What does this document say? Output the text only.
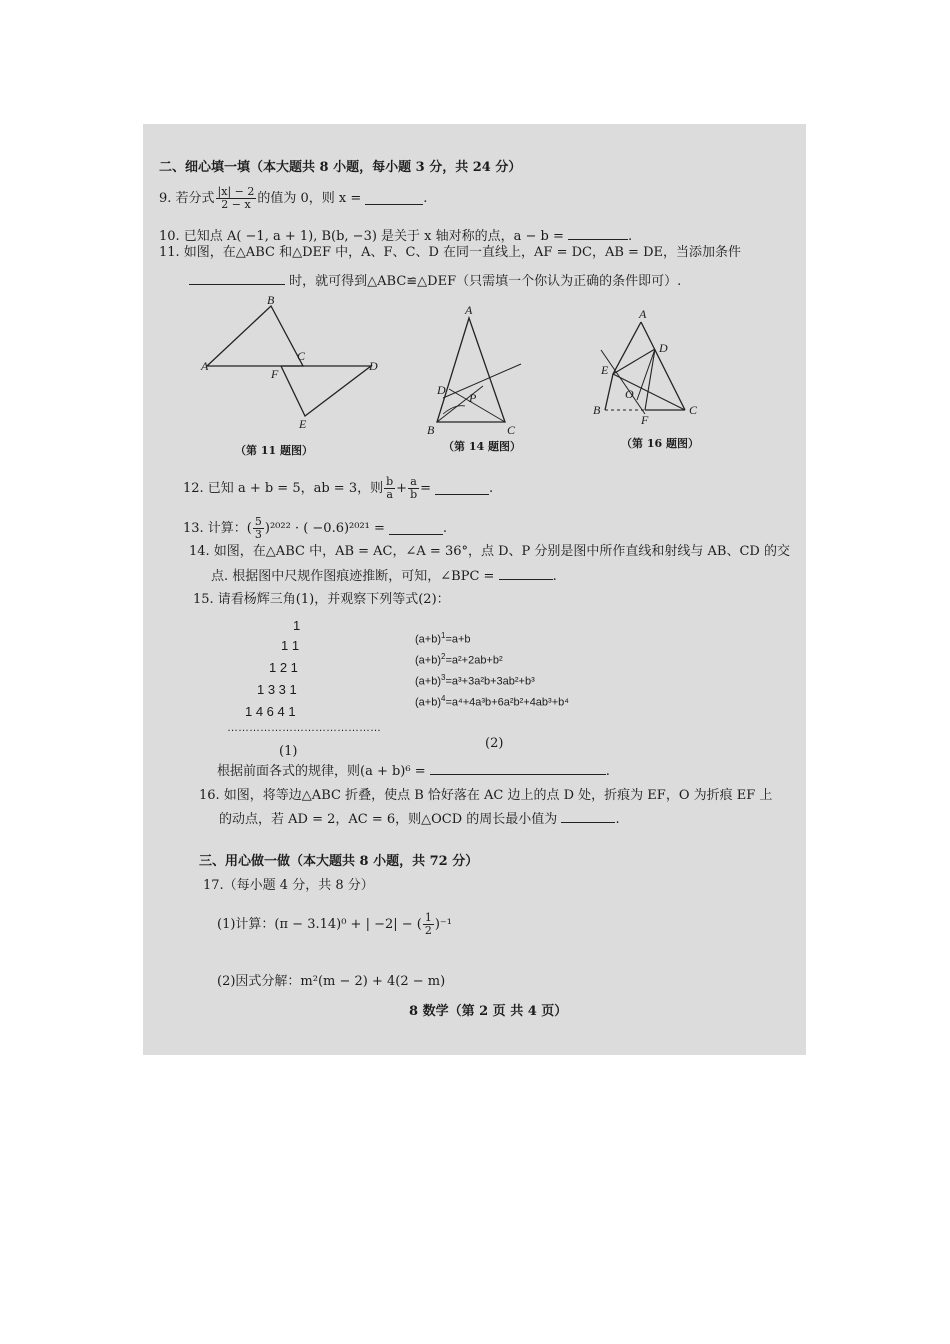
二、细心填一填（本大题共 8 小题，每小题 3 分，共 24 分）
9. 若分式 $\frac{|x| - 2}{2 - x}$ 的值为 0，则 x =	.
10. 已知点 A( −1, a + 1), B(b, −3) 是关于 x 轴对称的点，a − b =	.
11. 如图，在△ABC 和△DEF 中，A、F、C、D 在同一直线上，AF = DC，AB = DE，当添加条件
时，就可得到△ABC≌△DEF（只需填一个你认为正确的条件即可）.
A
B
C
F
D
E
A
D
P
B	C
A
D
E
O
B
F
C
（第 11 题图）	（第 14 题图）	（第 16 题图）
12. 已知 a + b = 5，ab = 3，则 $\frac{b}{a} + \frac{a}{b}$ =	.
13. 计算：( $\frac{5}{3} )^{2022}$ · ( −0.6)²⁰²¹ =	.
14. 如图，在△ABC 中，AB = AC，∠A = 36°，点 D、P 分别是图中所作直线和射线与 AB、CD 的交
点. 根据图中尺规作图痕迹推断，可知，∠BPC =	.
15. 请看杨辉三角(1)，并观察下列等式(2)：
1
1 1
1 2 1
1 3 3 1
1 4 6 4 1
……………………………………
(1)
$(a+b)^1=a+b$
$(a+b)^2=a^2+2ab+b^2$
$(a+b)^3=a^3+3a^2b+3ab^2+b^3$
$(a+b)^4=a^4+4a^3b+6a^2b^2+4ab^3+b^4$
(2)
根据前面各式的规律，则(a + b)⁶ =	.
16. 如图，将等边△ABC 折叠，使点 B 恰好落在 AC 边上的点 D 处，折痕为 EF，O 为折痕 EF 上
的动点，若 AD = 2，AC = 6，则△OCD 的周长最小值为	.
三、用心做一做（本大题共 8 小题，共 72 分）
17.（每小题 4 分，共 8 分）
(1)计算：(π − 3.14)⁰ + | −2| − ( $\frac{1}{2} )^{-1}$
(2)因式分解：m²(m − 2) + 4(2 − m)
8 数学（第 2 页 共 4 页）
